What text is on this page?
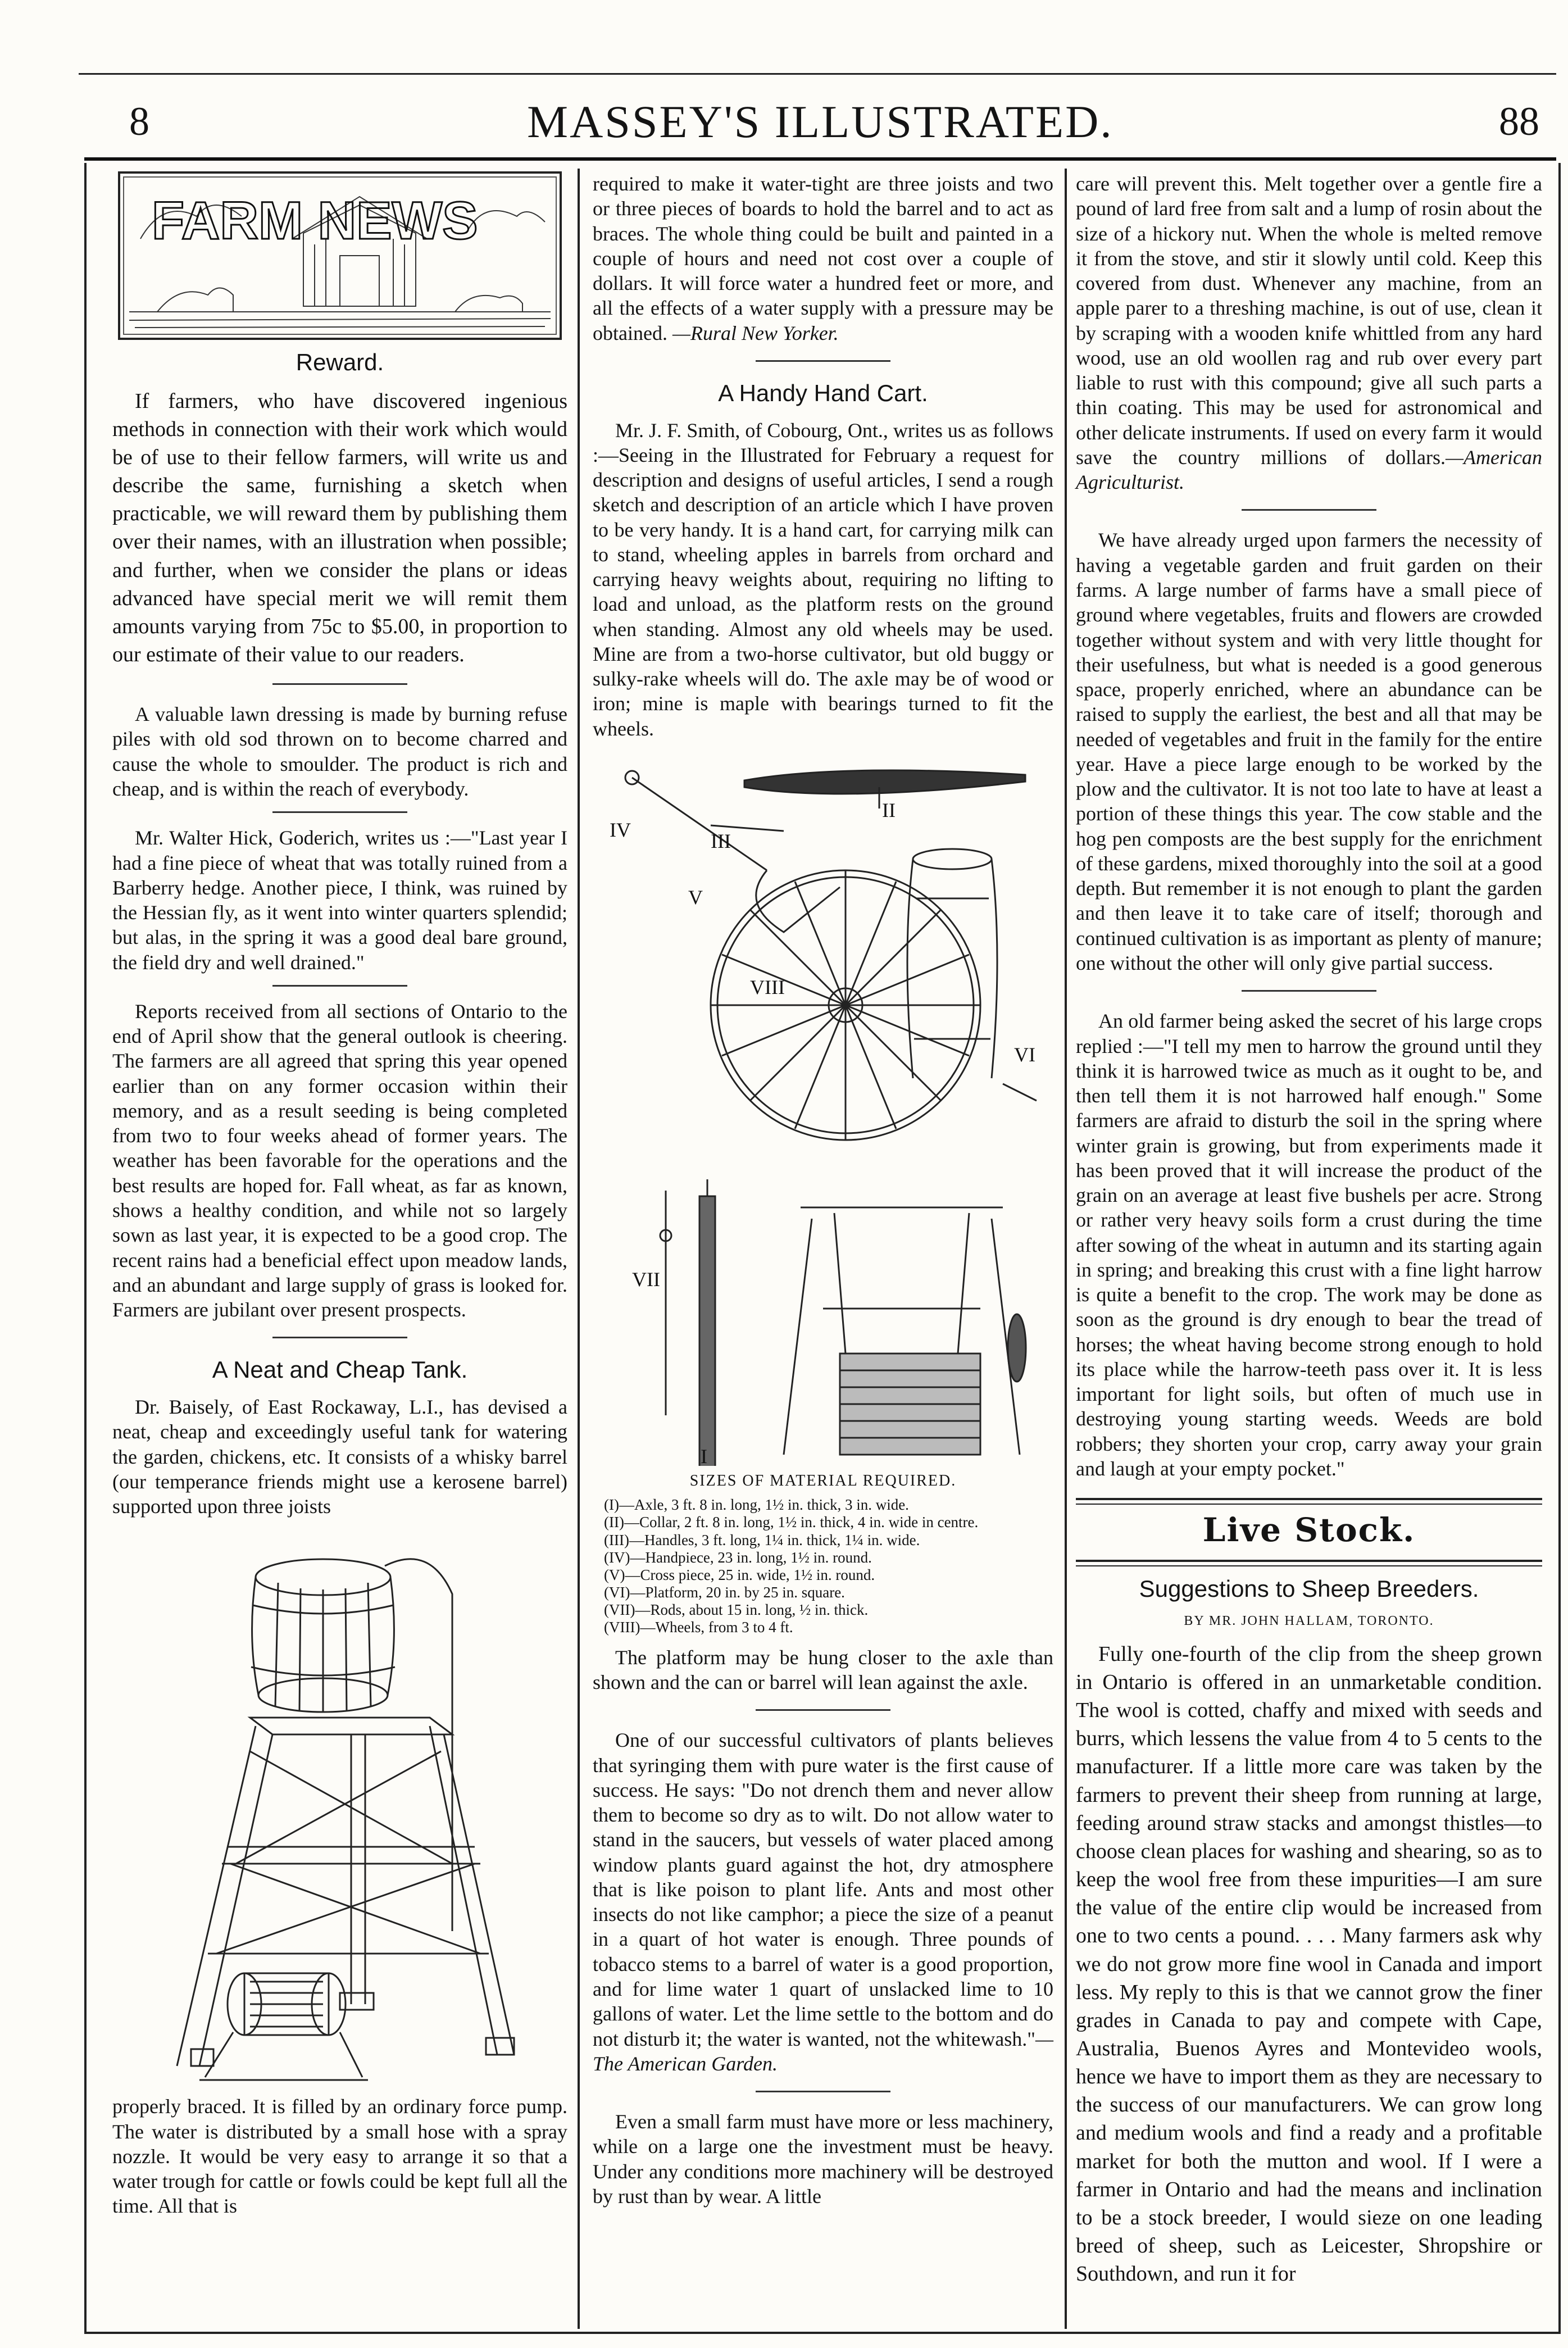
8	MASSEY'S ILLUSTRATED.	88
FARM NEWS
Reward.

If farmers, who have discovered ingenious methods in connection with their work which would be of use to their fellow farmers, will write us and describe the same, furnishing a sketch when practicable, we will reward them by publishing them over their names, with an illustration when possible; and further, when we consider the plans or ideas advanced have special merit we will remit them amounts varying from 75c to $5.00, in proportion to our estimate of their value to our readers.

A valuable lawn dressing is made by burning refuse piles with old sod thrown on to become charred and cause the whole to smoulder. The product is rich and cheap, and is within the reach of everybody.

Mr. Walter Hick, Goderich, writes us :—"Last year I had a fine piece of wheat that was totally ruined from a Barberry hedge. Another piece, I think, was ruined by the Hessian fly, as it went into winter quarters splendid; but alas, in the spring it was a good deal bare ground, the field dry and well drained."

Reports received from all sections of Ontario to the end of April show that the general outlook is cheering. The farmers are all agreed that spring this year opened earlier than on any former occasion within their memory, and as a result seeding is being completed from two to four weeks ahead of former years. The weather has been favorable for the operations and the best results are hoped for. Fall wheat, as far as known, shows a healthy condition, and while not so largely sown as last year, it is expected to be a good crop. The recent rains had a beneficial effect upon meadow lands, and an abundant and large supply of grass is looked for. Farmers are jubilant over present prospects.

A Neat and Cheap Tank.

Dr. Baisely, of East Rockaway, L.I., has devised a neat, cheap and exceedingly useful tank for watering the garden, chickens, etc. It consists of a whisky barrel (our temperance friends might use a kerosene barrel) supported upon three joists

properly braced. It is filled by an ordinary force pump. The water is distributed by a small hose with a spray nozzle. It would be very easy to arrange it so that a water trough for cattle or fowls could be kept full all the time. All that is

required to make it water-tight are three joists and two or three pieces of boards to hold the barrel and to act as braces. The whole thing could be built and painted in a couple of hours and need not cost over a couple of dollars. It will force water a hundred feet or more, and all the effects of a water supply with a pressure may be obtained. —Rural New Yorker.

A Handy Hand Cart.

Mr. J. F. Smith, of Cobourg, Ont., writes us as follows :—Seeing in the Illustrated for February a request for description and designs of useful articles, I send a rough sketch and description of an article which I have proven to be very handy. It is a hand cart, for carrying milk can to stand, wheeling apples in barrels from orchard and carrying heavy weights about, requiring no lifting to load and unload, as the platform rests on the ground when standing. Almost any old wheels may be used. Mine are from a two-horse cultivator, but old buggy or sulky-rake wheels will do. The axle may be of wood or iron; mine is maple with bearings turned to fit the wheels.

II
IV	III
V
VIII
VI
VII
I
SIZES OF MATERIAL REQUIRED.
(I)—Axle, 3 ft. 8 in. long, 1½ in. thick, 3 in. wide.
(II)—Collar, 2 ft. 8 in. long, 1½ in. thick, 4 in. wide in centre.
(III)—Handles, 3 ft. long, 1¼ in. thick, 1¼ in. wide.
(IV)—Handpiece, 23 in. long, 1½ in. round.
(V)—Cross piece, 25 in. wide, 1½ in. round.
(VI)—Platform, 20 in. by 25 in. square.
(VII)—Rods, about 15 in. long, ½ in. thick.
(VIII)—Wheels, from 3 to 4 ft.

The platform may be hung closer to the axle than shown and the can or barrel will lean against the axle.

One of our successful cultivators of plants believes that syringing them with pure water is the first cause of success. He says: "Do not drench them and never allow them to become so dry as to wilt. Do not allow water to stand in the saucers, but vessels of water placed among window plants guard against the hot, dry atmosphere that is like poison to plant life. Ants and most other insects do not like camphor; a piece the size of a peanut in a quart of hot water is enough. Three pounds of tobacco stems to a barrel of water is a good proportion, and for lime water 1 quart of unslacked lime to 10 gallons of water. Let the lime settle to the bottom and do not disturb it; the water is wanted, not the whitewash."—The American Garden.

Even a small farm must have more or less machinery, while on a large one the investment must be heavy. Under any conditions more machinery will be destroyed by rust than by wear. A little

care will prevent this. Melt together over a gentle fire a pound of lard free from salt and a lump of rosin about the size of a hickory nut. When the whole is melted remove it from the stove, and stir it slowly until cold. Keep this covered from dust. Whenever any machine, from an apple parer to a threshing machine, is out of use, clean it by scraping with a wooden knife whittled from any hard wood, use an old woollen rag and rub over every part liable to rust with this compound; give all such parts a thin coating. This may be used for astronomical and other delicate instruments. If used on every farm it would save the country millions of dollars.—American Agriculturist.

We have already urged upon farmers the necessity of having a vegetable garden and fruit garden on their farms. A large number of farms have a small piece of ground where vegetables, fruits and flowers are crowded together without system and with very little thought for their usefulness, but what is needed is a good generous space, properly enriched, where an abundance can be raised to supply the earliest, the best and all that may be needed of vegetables and fruit in the family for the entire year. Have a piece large enough to be worked by the plow and the cultivator. It is not too late to have at least a portion of these things this year. The cow stable and the hog pen composts are the best supply for the enrichment of these gardens, mixed thoroughly into the soil at a good depth. But remember it is not enough to plant the garden and then leave it to take care of itself; thorough and continued cultivation is as important as plenty of manure; one without the other will only give partial success.

An old farmer being asked the secret of his large crops replied :—"I tell my men to harrow the ground until they think it is harrowed twice as much as it ought to be, and then tell them it is not harrowed half enough." Some farmers are afraid to disturb the soil in the spring where winter grain is growing, but from experiments made it has been proved that it will increase the product of the grain on an average at least five bushels per acre. Strong or rather very heavy soils form a crust during the time after sowing of the wheat in autumn and its starting again in spring; and breaking this crust with a fine light harrow is quite a benefit to the crop. The work may be done as soon as the ground is dry enough to bear the tread of horses; the wheat having become strong enough to hold its place while the harrow-teeth pass over it. It is less important for light soils, but often of much use in destroying young starting weeds. Weeds are bold robbers; they shorten your crop, carry away your grain and laugh at your empty pocket."

Live Stock.
Suggestions to Sheep Breeders.
BY MR. JOHN HALLAM, TORONTO.

Fully one-fourth of the clip from the sheep grown in Ontario is offered in an unmarketable condition. The wool is cotted, chaffy and mixed with seeds and burrs, which lessens the value from 4 to 5 cents to the manufacturer. If a little more care was taken by the farmers to prevent their sheep from running at large, feeding around straw stacks and amongst thistles—to choose clean places for washing and shearing, so as to keep the wool free from these impurities—I am sure the value of the entire clip would be increased from one to two cents a pound. . . . Many farmers ask why we do not grow more fine wool in Canada and import less. My reply to this is that we cannot grow the finer grades in Canada to pay and compete with Cape, Australia, Buenos Ayres and Montevideo wools, hence we have to import them as they are necessary to the success of our manufacturers. We can grow long and medium wools and find a ready and a profitable market for both the mutton and wool. If I were a farmer in Ontario and had the means and inclination to be a stock breeder, I would sieze on one leading breed of sheep, such as Leicester, Shropshire or Southdown, and run it for
